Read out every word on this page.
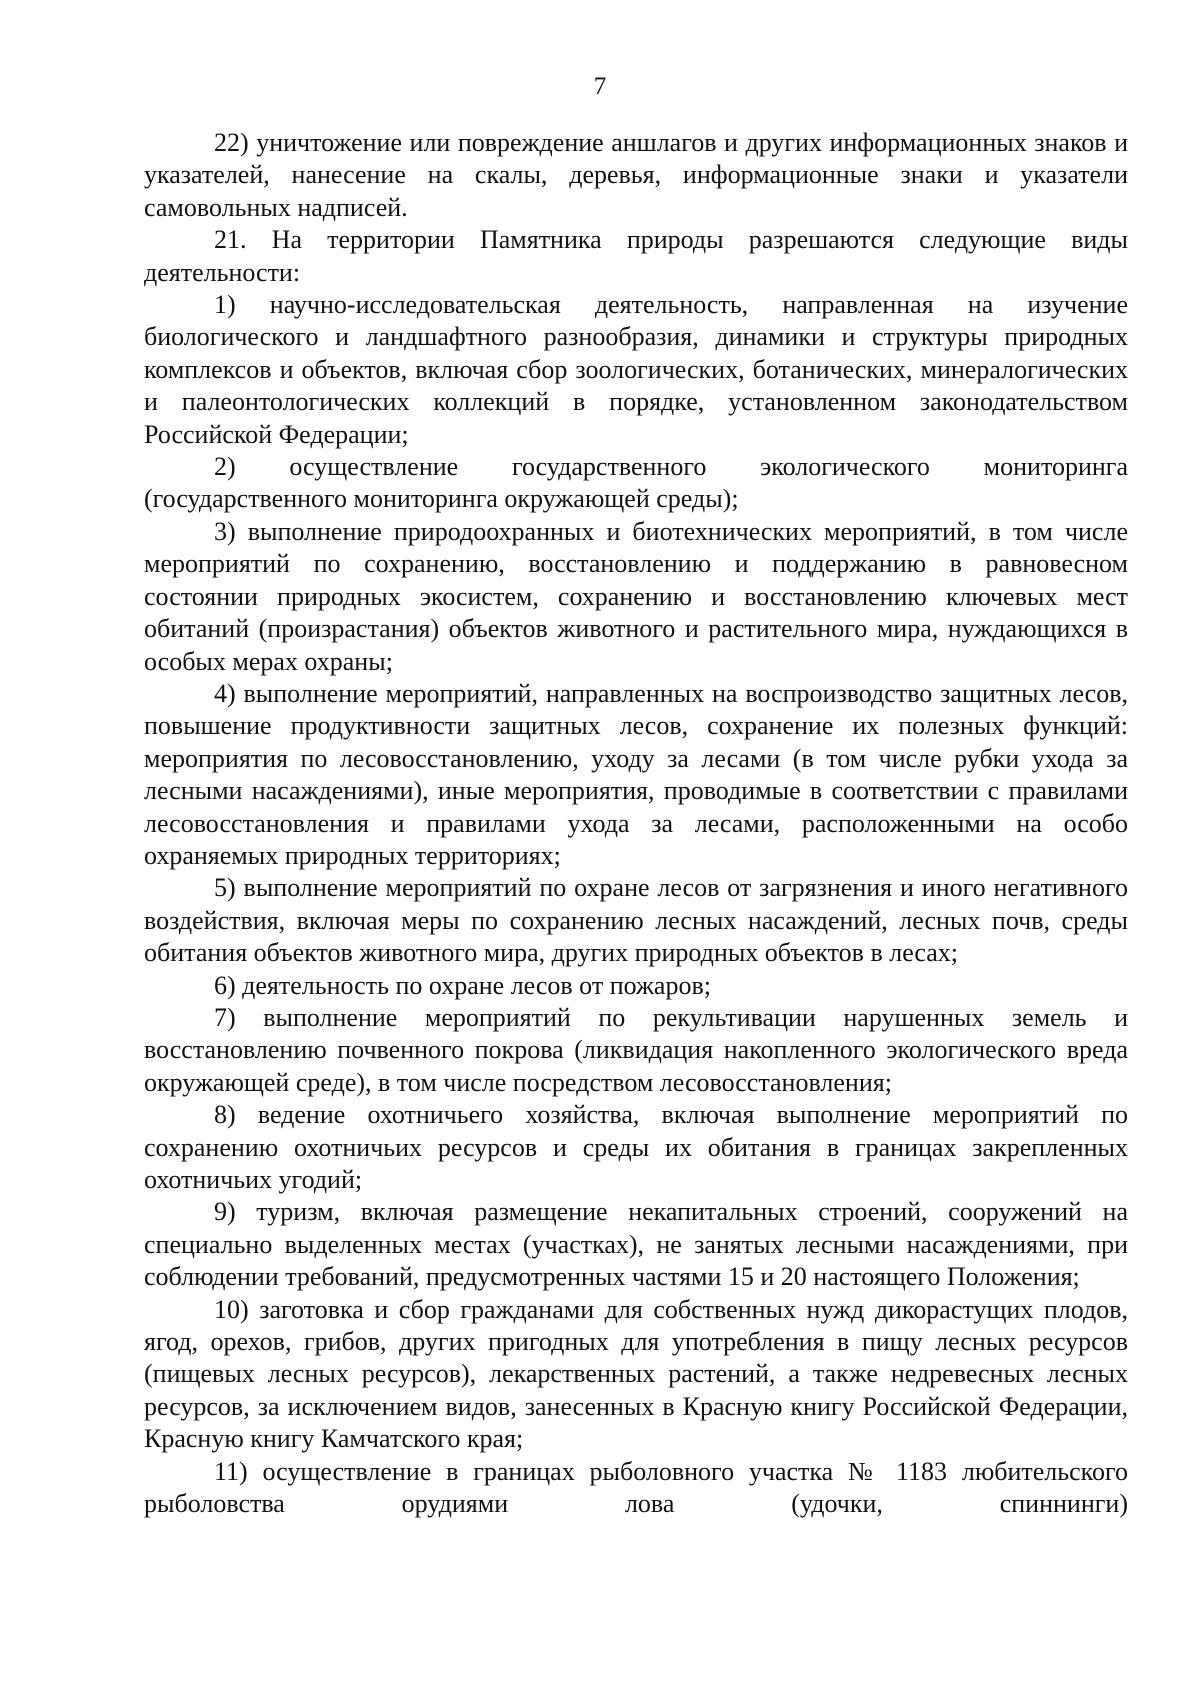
7

22) уничтожение или повреждение аншлагов и других информационных знаков и указателей, нанесение на скалы, деревья, информационные знаки и указатели самовольных надписей.

21. На территории Памятника природы разрешаются следующие виды деятельности:

1) научно-исследовательская деятельность, направленная на изучение биологического и ландшафтного разнообразия, динамики и структуры природных комплексов и объектов, включая сбор зоологических, ботанических, минералогических и палеонтологических коллекций в порядке, установленном законодательством Российской Федерации;

2) осуществление государственного экологического мониторинга (государственного мониторинга окружающей среды);

3) выполнение природоохранных и биотехнических мероприятий, в том числе мероприятий по сохранению, восстановлению и поддержанию в равновесном состоянии природных экосистем, сохранению и восстановлению ключевых мест обитаний (произрастания) объектов животного и растительного мира, нуждающихся в особых мерах охраны;

4) выполнение мероприятий, направленных на воспроизводство защитных лесов, повышение продуктивности защитных лесов, сохранение их полезных функций: мероприятия по лесовосстановлению, уходу за лесами (в том числе рубки ухода за лесными насаждениями), иные мероприятия, проводимые в соответствии с правилами лесовосстановления и правилами ухода за лесами, расположенными на особо охраняемых природных территориях;

5) выполнение мероприятий по охране лесов от загрязнения и иного негативного воздействия, включая меры по сохранению лесных насаждений, лесных почв, среды обитания объектов животного мира, других природных объектов в лесах;

6) деятельность по охране лесов от пожаров;

7) выполнение мероприятий по рекультивации нарушенных земель и восстановлению почвенного покрова (ликвидация накопленного экологического вреда окружающей среде), в том числе посредством лесовосстановления;

8) ведение охотничьего хозяйства, включая выполнение мероприятий по сохранению охотничьих ресурсов и среды их обитания в границах закрепленных охотничьих угодий;

9) туризм, включая размещение некапитальных строений, сооружений на специально выделенных местах (участках), не занятых лесными насаждениями, при соблюдении требований, предусмотренных частями 15 и 20 настоящего Положения;

10) заготовка и сбор гражданами для собственных нужд дикорастущих плодов, ягод, орехов, грибов, других пригодных для употребления в пищу лесных ресурсов (пищевых лесных ресурсов), лекарственных растений, а также недревесных лесных ресурсов, за исключением видов, занесенных в Красную книгу Российской Федерации, Красную книгу Камчатского края;

11) осуществление в границах рыболовного участка № 1183 любительского рыболовства орудиями лова (удочки, спиннинги)
